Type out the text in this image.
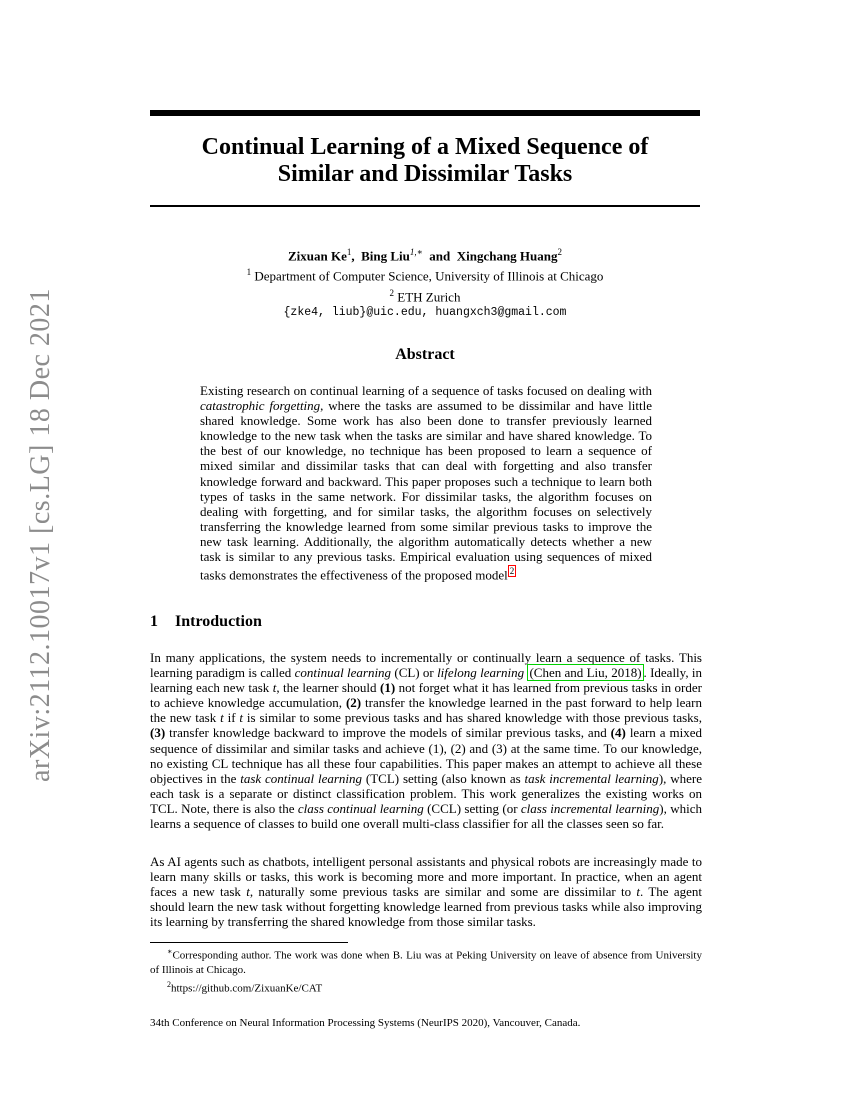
arXiv:2112.10017v1 [cs.LG] 18 Dec 2021
Continual Learning of a Mixed Sequence of
Similar and Dissimilar Tasks
Zixuan Ke$^1$,  Bing Liu$^{1,∗}$ and Xingchang Huang$^2$
$^1$ Department of Computer Science, University of Illinois at Chicago
$^2$ ETH Zurich
{zke4, liub}@uic.edu, huangxch3@gmail.com
Abstract
Existing research on continual learning of a sequence of tasks focused on dealing with catastrophic forgetting, where the tasks are assumed to be dissimilar and have little shared knowledge. Some work has also been done to transfer previously learned knowledge to the new task when the tasks are similar and have shared knowledge. To the best of our knowledge, no technique has been proposed to learn a sequence of mixed similar and dissimilar tasks that can deal with forgetting and also transfer knowledge forward and backward. This paper proposes such a technique to learn both types of tasks in the same network. For dissimilar tasks, the algorithm focuses on dealing with forgetting, and for similar tasks, the algorithm focuses on selectively transferring the knowledge learned from some similar previous tasks to improve the new task learning. Additionally, the algorithm automatically detects whether a new task is similar to any previous tasks. Empirical evaluation using sequences of mixed tasks demonstrates the effectiveness of the proposed model $^2$
1 Introduction
In many applications, the system needs to incrementally or continually learn a sequence of tasks. This learning paradigm is called continual learning (CL) or lifelong learning (Chen and Liu, 2018) . Ideally, in learning each new task t, the learner should (1) not forget what it has learned from previous tasks in order to achieve knowledge accumulation, (2) transfer the knowledge learned in the past forward to help learn the new task t if t is similar to some previous tasks and has shared knowledge with those previous tasks, (3) transfer knowledge backward to improve the models of similar previous tasks, and (4) learn a mixed sequence of dissimilar and similar tasks and achieve (1), (2) and (3) at the same time. To our knowledge, no existing CL technique has all these four capabilities. This paper makes an attempt to achieve all these objectives in the task continual learning (TCL) setting (also known as task incremental learning), where each task is a separate or distinct classification problem. This work generalizes the existing works on TCL. Note, there is also the class continual learning (CCL) setting (or class incremental learning), which learns a sequence of classes to build one overall multi-class classifier for all the classes seen so far.
As AI agents such as chatbots, intelligent personal assistants and physical robots are increasingly made to learn many skills or tasks, this work is becoming more and more important. In practice, when an agent faces a new task t, naturally some previous tasks are similar and some are dissimilar to t. The agent should learn the new task without forgetting knowledge learned from previous tasks while also improving its learning by transferring the shared knowledge from those similar tasks.
∗Corresponding author. The work was done when B. Liu was at Peking University on leave of absence from University of Illinois at Chicago.
$^2$https://github.com/ZixuanKe/CAT
34th Conference on Neural Information Processing Systems (NeurIPS 2020), Vancouver, Canada.
